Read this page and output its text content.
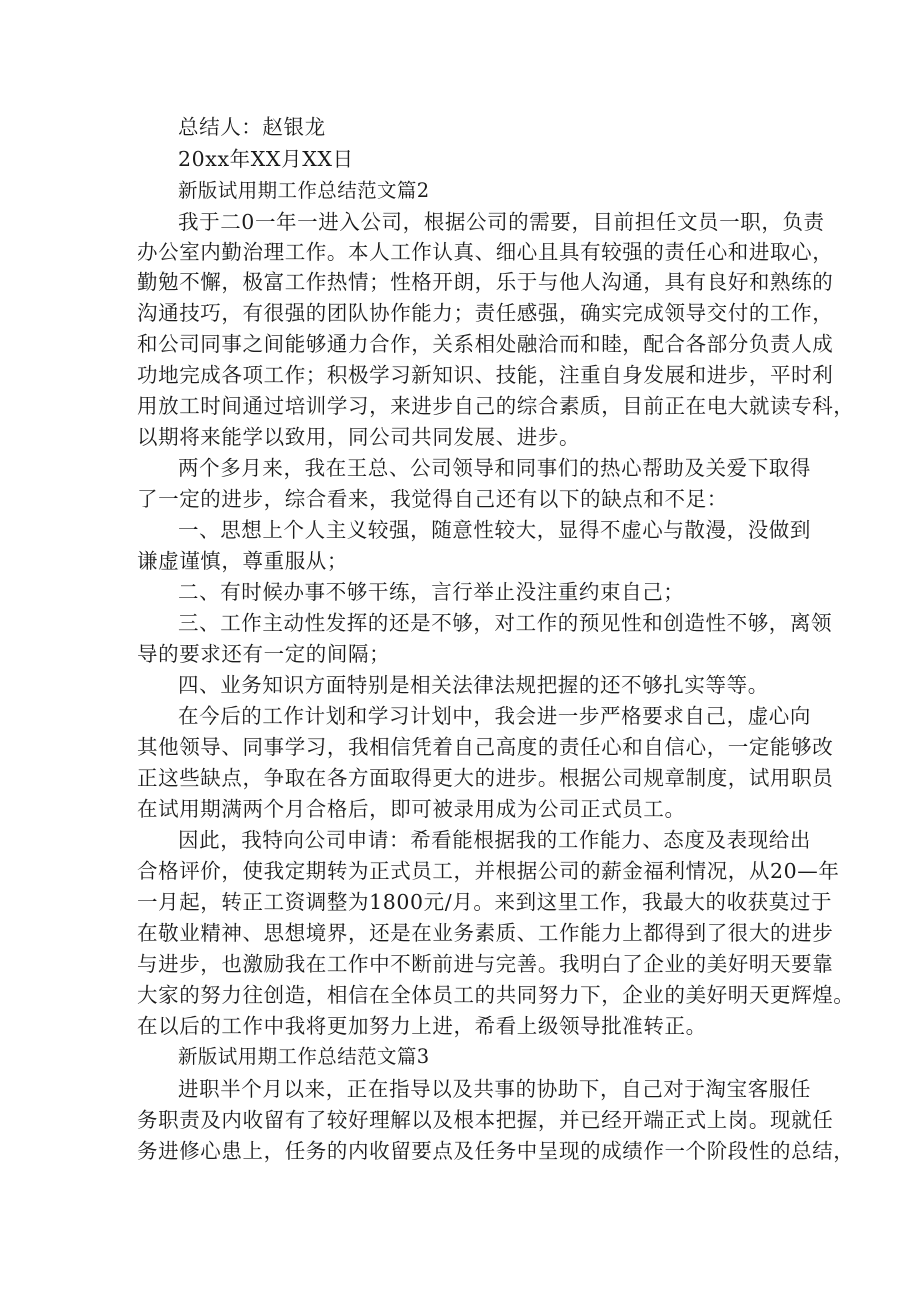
总结人：赵银龙
20xx年XX月XX日
新版试用期工作总结范文篇2
我于二0一年一进入公司，根据公司的需要，目前担任文员一职，负责
办公室内勤治理工作。本人工作认真、细心且具有较强的责任心和进取心，
勤勉不懈，极富工作热情；性格开朗，乐于与他人沟通，具有良好和熟练的
沟通技巧，有很强的团队协作能力；责任感强，确实完成领导交付的工作，
和公司同事之间能够通力合作，关系相处融洽而和睦，配合各部分负责人成
功地完成各项工作；积极学习新知识、技能，注重自身发展和进步，平时利
用放工时间通过培训学习，来进步自己的综合素质，目前正在电大就读专科，
以期将来能学以致用，同公司共同发展、进步。
两个多月来，我在王总、公司领导和同事们的热心帮助及关爱下取得
了一定的进步，综合看来，我觉得自己还有以下的缺点和不足：
一、思想上个人主义较强，随意性较大，显得不虚心与散漫，没做到
谦虚谨慎，尊重服从；
二、有时候办事不够干练，言行举止没注重约束自己；
三、工作主动性发挥的还是不够，对工作的预见性和创造性不够，离领
导的要求还有一定的间隔；
四、业务知识方面特别是相关法律法规把握的还不够扎实等等。
在今后的工作计划和学习计划中，我会进一步严格要求自己，虚心向
其他领导、同事学习，我相信凭着自己高度的责任心和自信心，一定能够改
正这些缺点，争取在各方面取得更大的进步。根据公司规章制度，试用职员
在试用期满两个月合格后，即可被录用成为公司正式员工。
因此，我特向公司申请：希看能根据我的工作能力、态度及表现给出
合格评价，使我定期转为正式员工，并根据公司的薪金福利情况，从20—年
一月起，转正工资调整为1800元/月。来到这里工作，我最大的收获莫过于
在敬业精神、思想境界，还是在业务素质、工作能力上都得到了很大的进步
与进步，也激励我在工作中不断前进与完善。我明白了企业的美好明天要靠
大家的努力往创造，相信在全体员工的共同努力下，企业的美好明天更辉煌。
在以后的工作中我将更加努力上进，希看上级领导批准转正。
新版试用期工作总结范文篇3
进职半个月以来，正在指导以及共事的协助下，自己对于淘宝客服任
务职责及内收留有了较好理解以及根本把握，并已经开端正式上岗。现就任
务进修心患上，任务的内收留要点及任务中呈现的成绩作一个阶段性的总结，
